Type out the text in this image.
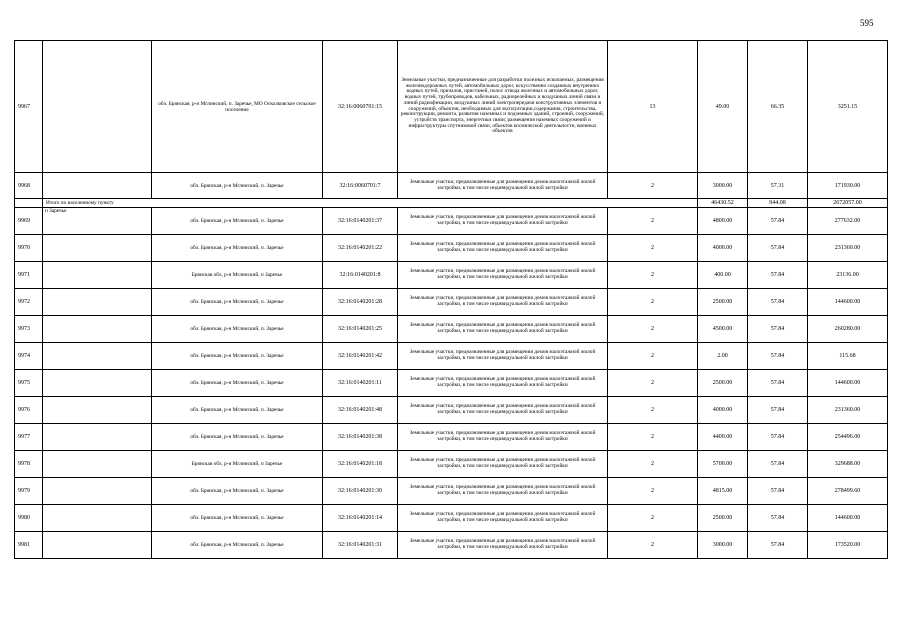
595
9967		обл. Брянская, р-н Мглинский, п. Заречье, МО Осколковское сельское поселение	32:16:0060701:15	Земельные участки, предназначенные для разработки полезных ископаемых, размещения железнодорожных путей, автомобильных дорог, искусственно созданных внутренних водных путей, причалов, пристаней, полос отвода железных и автомобильных дорог, водных путей, трубопроводов, кабельных, радиорелейных и воздушных линий связи и линий радиофикации, воздушных линий электропередачи конструктивных элементов и сооружений, объектов, необходимых для эксплуатации,содержания, строительства, реконструкции, ремонта, развития наземных и подземных зданий, строений, сооружений, устройств транспорта, энергетики связи; размещения наземных сооружений и инфраструктуры спутниковой связи, объектов космической деятельности, военных объектов	13	49.00	66.35	3251.15
9968		обл. Брянская, р-н Мглинский, п. Заречье	32:16:0060701:7	Земельные участки, предназначенные для размещения домов малоэтажной жилой застройки, в том числе индивидуальной жилой застройки	2	3000.00	57.31	171930.00
	Итого по населенному пункту					46430.52	944.08	2672057.00
9969	п Заречье	обл. Брянская, р-н Мглинский, п. Заречье	32:16:0140201:37	Земельные участки, предназначенные для размещения домов малоэтажной жилой застройки, в том числе индивидуальной жилой застройки	2	4800.00	57.84	277632.00
9970		обл. Брянская, р-н Мглинский, п. Заречье	32:16:0140201:22	Земельные участки, предназначенные для размещения домов малоэтажной жилой застройки, в том числе индивидуальной жилой застройки	2	4000.00	57.84	231360.00
9971		Брянская обл, р-н Мглинский, п Заречье	32:16:0140201:8	Земельные участки, предназначенные для размещения домов малоэтажной жилой застройки, в том числе индивидуальной жилой застройки	2	400.00	57.84	23136.00
9972		обл. Брянская, р-н Мглинский, п. Заречье	32:16:0140201:28	Земельные участки, предназначенные для размещения домов малоэтажной жилой застройки, в том числе индивидуальной жилой застройки	2	2500.00	57.84	144600.00
9973		обл. Брянская, р-н Мглинский, п. Заречье	32:16:0140201:25	Земельные участки, предназначенные для размещения домов малоэтажной жилой застройки, в том числе индивидуальной жилой застройки	2	4500.00	57.84	260280.00
9974		обл. Брянская, р-н Мглинский, п. Заречье	32:16:0140201:42	Земельные участки, предназначенные для размещения домов малоэтажной жилой застройки, в том числе индивидуальной жилой застройки	2	2.00	57.84	115.68
9975		обл. Брянская, р-н Мглинский, п. Заречье	32:16:0140201:11	Земельные участки, предназначенные для размещения домов малоэтажной жилой застройки, в том числе индивидуальной жилой застройки	2	2500.00	57.84	144600.00
9976		обл. Брянская, р-н Мглинский, п. Заречье	32:16:0140201:48	Земельные участки, предназначенные для размещения домов малоэтажной жилой застройки, в том числе индивидуальной жилой застройки	2	4000.00	57.84	231360.00
9977		обл. Брянская, р-н Мглинский, п. Заречье	32:16:0140201:38	Земельные участки, предназначенные для размещения домов малоэтажной жилой застройки, в том числе индивидуальной жилой застройки	2	4400.00	57.84	254496.00
9978		Брянская обл, р-н Мглинский, п Заречье	32:16:0140201:18	Земельные участки, предназначенные для размещения домов малоэтажной жилой застройки, в том числе индивидуальной жилой застройки	2	5700.00	57.84	329688.00
9979		обл. Брянская, р-н Мглинский, п. Заречье	32:16:0140201:30	Земельные участки, предназначенные для размещения домов малоэтажной жилой застройки, в том числе индивидуальной жилой застройки	2	4815.00	57.84	278499.60
9980		обл. Брянская, р-н Мглинский, п. Заречье	32:16:0140201:14	Земельные участки, предназначенные для размещения домов малоэтажной жилой застройки, в том числе индивидуальной жилой застройки	2	2500.00	57.84	144600.00
9981		обл. Брянская, р-н Мглинский, п. Заречье	32:16:0140201:31	Земельные участки, предназначенные для размещения домов малоэтажной жилой застройки, в том числе индивидуальной жилой застройки	2	3000.00	57.84	173520.00
